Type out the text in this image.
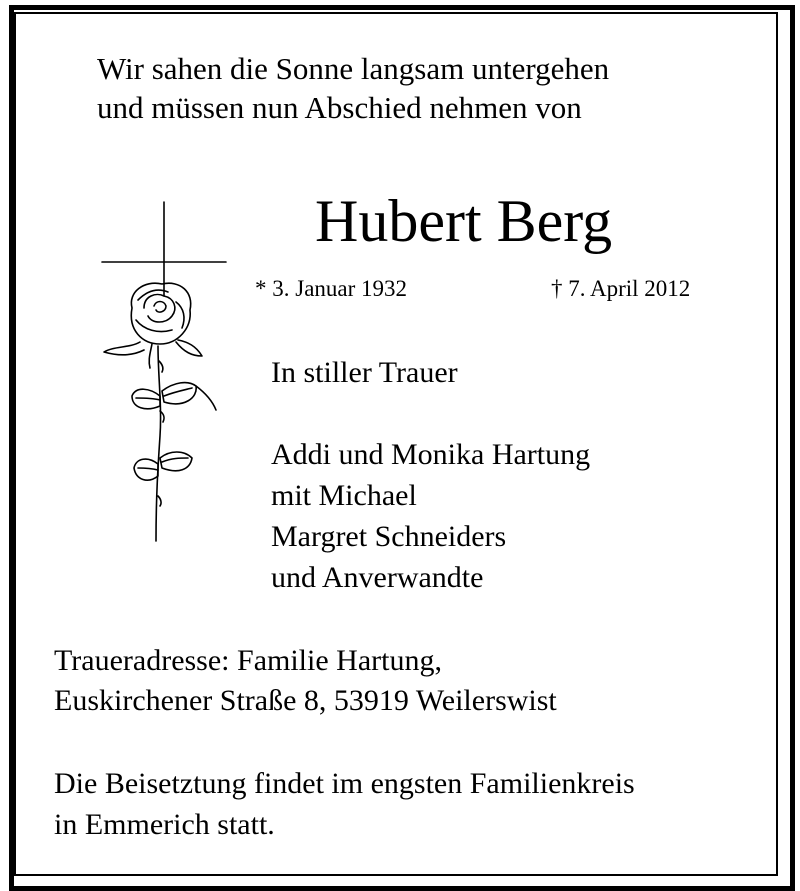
Wir sahen die Sonne langsam untergehen
und müssen nun Abschied nehmen von
Hubert Berg
* 3. Januar 1932	† 7. April 2012
In stiller Trauer
Addi und Monika Hartung
mit Michael
Margret Schneiders
und Anverwandte
Traueradresse: Familie Hartung,
Euskirchener Straße 8, 53919 Weilerswist
Die Beisetztung findet im engsten Familienkreis
in Emmerich statt.
